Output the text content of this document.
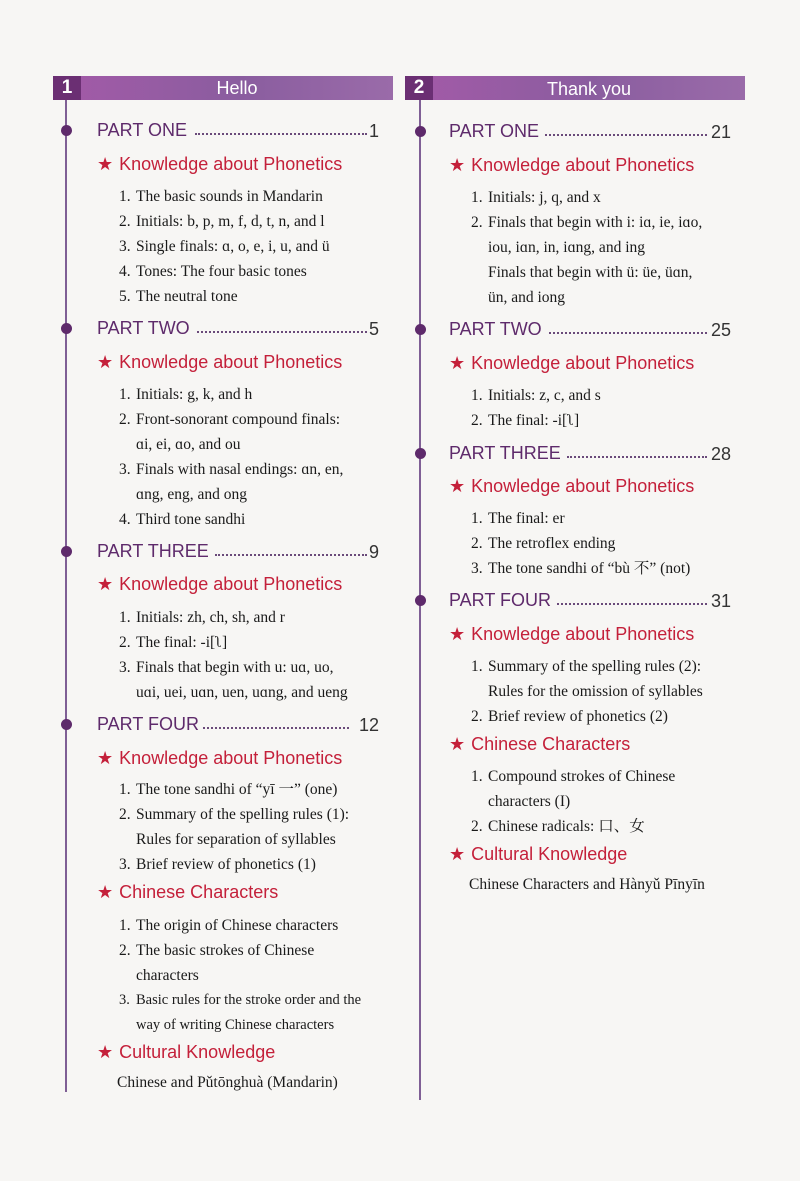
1	Hello
PART ONE	1
★ Knowledge about Phonetics
1. The basic sounds in Mandarin
2. Initials: b, p, m, f, d, t, n, and l
3. Single finals: ɑ, o, e, i, u, and ü
4. Tones: The four basic tones
5. The neutral tone
PART TWO	5
★ Knowledge about Phonetics
1. Initials: g, k, and h
2. Front-sonorant compound finals:
ɑi, ei, ɑo, and ou
3. Finals with nasal endings: ɑn, en,
ɑng, eng, and ong
4. Third tone sandhi
PART THREE	9
★ Knowledge about Phonetics
1. Initials: zh, ch, sh, and r
2. The final: -i[ʅ]
3. Finals that begin with u: uɑ, uo,
uɑi, uei, uɑn, uen, uɑng, and ueng
PART FOUR	12
★ Knowledge about Phonetics
1. The tone sandhi of “yī 一” (one)
2. Summary of the spelling rules (1):
Rules for separation of syllables
3. Brief review of phonetics (1)
★ Chinese Characters
1. The origin of Chinese characters
2. The basic strokes of Chinese
characters
3. Basic rules for the stroke order and the
way of writing Chinese characters
★ Cultural Knowledge
Chinese and Pǔtōnghuà (Mandarin)
2	Thank you
PART ONE	21
★ Knowledge about Phonetics
1. Initials: j, q, and x
2. Finals that begin with i: iɑ, ie, iɑo,
iou, iɑn, in, iɑng, and ing
Finals that begin with ü: üe, üɑn,
ün, and iong
PART TWO	25
★ Knowledge about Phonetics
1. Initials: z, c, and s
2. The final: -i[ʅ]
PART THREE	28
★ Knowledge about Phonetics
1. The final: er
2. The retroflex ending
3. The tone sandhi of “bù 不” (not)
PART FOUR	31
★ Knowledge about Phonetics
1. Summary of the spelling rules (2):
Rules for the omission of syllables
2. Brief review of phonetics (2)
★ Chinese Characters
1. Compound strokes of Chinese
characters (I)
2. Chinese radicals: 口、女
★ Cultural Knowledge
Chinese Characters and Hànyǔ Pīnyīn
